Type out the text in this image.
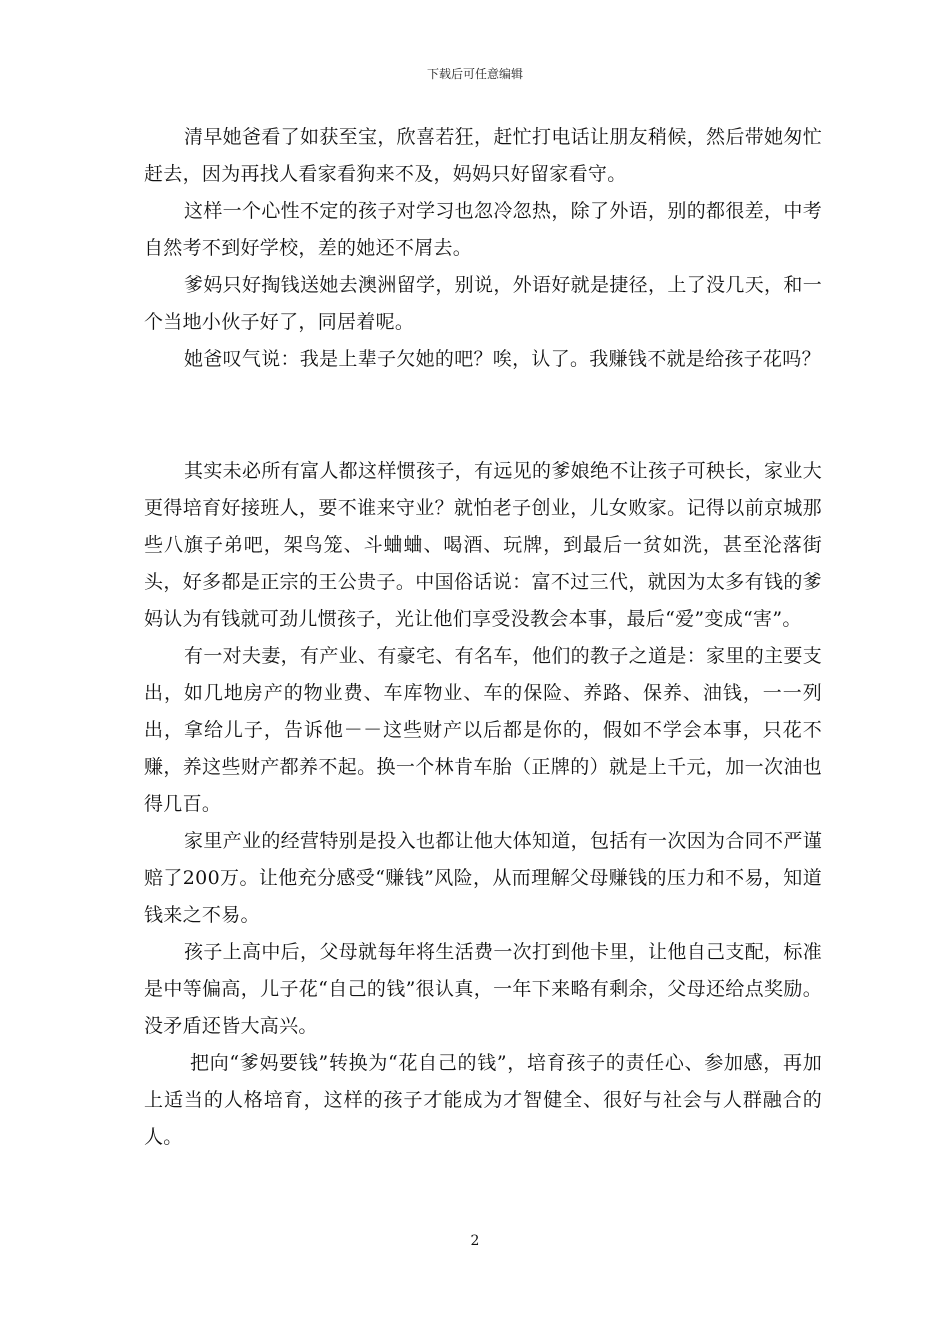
下载后可任意编辑

清早她爸看了如获至宝，欣喜若狂，赶忙打电话让朋友稍候，然后带她匆忙赶去，因为再找人看家看狗来不及，妈妈只好留家看守。

这样一个心性不定的孩子对学习也忽冷忽热，除了外语，别的都很差，中考自然考不到好学校，差的她还不屑去。

爹妈只好掏钱送她去澳洲留学，别说，外语好就是捷径，上了没几天，和一个当地小伙子好了，同居着呢。

她爸叹气说：我是上辈子欠她的吧？唉，认了。我赚钱不就是给孩子花吗？

其实未必所有富人都这样惯孩子，有远见的爹娘绝不让孩子可秧长，家业大更得培育好接班人，要不谁来守业？就怕老子创业，儿女败家。记得以前京城那些八旗子弟吧，架鸟笼、斗蛐蛐、喝酒、玩牌，到最后一贫如洗，甚至沦落街头，好多都是正宗的王公贵子。中国俗话说：富不过三代，就因为太多有钱的爹妈认为有钱就可劲儿惯孩子，光让他们享受没教会本事，最后“爱”变成“害”。

有一对夫妻，有产业、有豪宅、有名车，他们的教子之道是：家里的主要支出，如几地房产的物业费、车库物业、车的保险、养路、保养、油钱，一一列出，拿给儿子，告诉他－－这些财产以后都是你的，假如不学会本事，只花不赚，养这些财产都养不起。换一个林肯车胎（正牌的）就是上千元，加一次油也得几百。

家里产业的经营特别是投入也都让他大体知道，包括有一次因为合同不严谨赔了200万。让他充分感受“赚钱”风险，从而理解父母赚钱的压力和不易，知道钱来之不易。

孩子上高中后，父母就每年将生活费一次打到他卡里，让他自己支配，标准是中等偏高，儿子花“自己的钱”很认真，一年下来略有剩余，父母还给点奖励。没矛盾还皆大高兴。

把向“爹妈要钱”转换为“花自己的钱”，培育孩子的责任心、参加感，再加上适当的人格培育，这样的孩子才能成为才智健全、很好与社会与人群融合的人。

2
